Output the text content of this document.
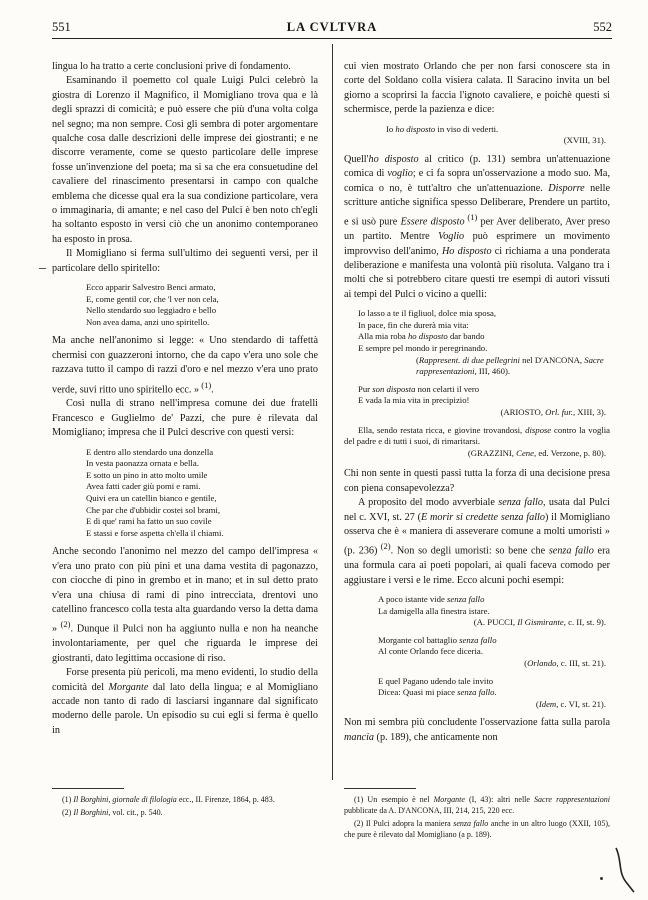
551	LA CVLTVRA	552

lingua lo ha tratto a certe conclusioni prive di fondamento.

Esaminando il poemetto col quale Luigi Pulci celebrò la giostra di Lorenzo il Magnifico, il Momigliano trova qua e là degli sprazzi di comicità; e può essere che più d'una volta colga nel segno; ma non sempre. Così gli sembra di poter argomentare qualche cosa dalle descrizioni delle imprese dei giostranti; e ne discorre veramente, come se questo particolare delle imprese fosse un'invenzione del poeta; ma si sa che era consuetudine del cavaliere del rinascimento presentarsi in campo con qualche emblema che dicesse qual era la sua condizione particolare, vera o immaginaria, di amante; e nel caso del Pulci è ben noto ch'egli ha soltanto esposto in versi ciò che un anonimo contemporaneo ha esposto in prosa.

Il Momigliano si ferma sull'ultimo dei seguenti versi, per il particolare dello spiritello:

Ecco apparir Salvestro Benci armato,
E, come gentil cor, che 'l ver non cela,
Nello stendardo suo leggiadro e bello
Non avea dama, anzi uno spiritello.

Ma anche nell'anonimo si legge: « Uno stendardo di taffettà chermisi con guazzeroni intorno, che da capo v'era uno sole che razzava tutto il campo di razzi d'oro e nel mezzo v'era uno prato verde, suvi ritto uno spiritello ecc. » $^{(1)}$.

Così nulla di strano nell'impresa comune dei due fratelli Francesco e Guglielmo de' Pazzi, che pure è rilevata dal Momigliano; impresa che il Pulci descrive con questi versi:

E dentro allo stendardo una donzella
In vesta paonazza ornata e bella.
E sotto un pino in atto molto umile
Avea fatti cader giù pomi e rami.
Quivi era un catellin bianco e gentile,
Che par che d'ubbidir costei sol brami,
E di que' rami ha fatto un suo covile
E stassi e forse aspetta ch'ella il chiami.

Anche secondo l'anonimo nel mezzo del campo dell'impresa « v'era uno prato con più pini et una dama vestita di pagonazzo, con ciocche di pino in grembo et in mano; et in sul detto prato v'era una chiusa di rami di pino intrecciata, drentovi uno catellino francesco colla testa alta guardando verso la detta dama » $^{(2)}$. Dunque il Pulci non ha aggiunto nulla e non ha neanche involontariamente, per quel che riguarda le imprese dei giostranti, dato legittima occasione di riso.

Forse presenta più pericoli, ma meno evidenti, lo studio della comicità del Morgante dal lato della lingua; e al Momigliano accade non tanto di rado di lasciarsi ingannare dal significato moderno delle parole. Un episodio su cui egli si ferma è quello in

cui vien mostrato Orlando che per non farsi conoscere sta in corte del Soldano colla visiera calata. Il Saracino invita un bel giorno a scoprirsi la faccia l'ignoto cavaliere, e poichè questi si schermisce, perde la pazienza e dice:

Io ho disposto in viso di vederti.
(XVIII, 31).

Quell'ho disposto al critico (p. 131) sembra un'attenuazione comica di voglio; e ci fa sopra un'osservazione a modo suo. Ma, comica o no, è tutt'altro che un'attenuazione. Disporre nelle scritture antiche significa spesso Deliberare, Prendere un partito, e si usò pure Essere disposto $^{(1)}$ per Aver deliberato, Aver preso un partito. Mentre Voglio può esprimere un movimento improvviso dell'animo, Ho disposto ci richiama a una ponderata deliberazione e manifesta una volontà più risoluta. Valgano tra i molti che si potrebbero citare questi tre esempi di autori vissuti ai tempi del Pulci o vicino a quelli:

Io lasso a te il figliuol, dolce mia sposa,
In pace, fin che durerà mia vita:
Alla mia roba ho disposto dar bando
E sempre pel mondo ir peregrinando.
(Rappresent. di due pellegrini nel D'ANCONA, Sacre rappresentazioni, III, 460).
Pur son disposta non celarti il vero
E vada la mia vita in precipizio!
(ARIOSTO, Orl. fur., XIII, 3).
Ella, sendo restata ricca, e giovine trovandosi, dispose contro la voglia del padre e di tutti i suoi, di rimaritarsi.
(GRAZZINI, Cene, ed. Verzone, p. 80).

Chi non sente in questi passi tutta la forza di una decisione presa con piena consapevolezza?

A proposito del modo avverbiale senza fallo, usata dal Pulci nel c. XVI, st. 27 (E morir si credette senza fallo) il Momigliano osserva che è « maniera di asseverare comune a molti umoristi » (p. 236) $^{(2)}$. Non so degli umoristi: so bene che senza fallo era una formula cara ai poeti popolari, ai quali faceva comodo per aggiustare i versi e le rime. Ecco alcuni pochi esempi:

A poco istante vide senza fallo
La damigella alla finestra istare.
(A. PUCCI, Il Gismirante, c. II, st. 9).
Morgante col battaglio senza fallo
Al conte Orlando fece diceria.
(Orlando, c. III, st. 21).
E quel Pagano udendo tale invito
Dicea: Quasi mi piace senza fallo.
(Idem, c. VI, st. 21).

Non mi sembra più concludente l'osservazione fatta sulla parola mancia (p. 189), che anticamente non

(1) Il Borghini, giornale di filologia ecc., II. Firenze, 1864, p. 483.

(2) Il Borghini, vol. cit., p. 540.

(1) Un esempio è nel Morgante (I, 43): altri nelle Sacre rappresentazioni pubblicate da A. D'ANCONA, III, 214, 215, 220 ecc.

(2) Il Pulci adopra la maniera senza fallo anche in un altro luogo (XXII, 105), che pure è rilevato dal Momigliano (a p. 189).
